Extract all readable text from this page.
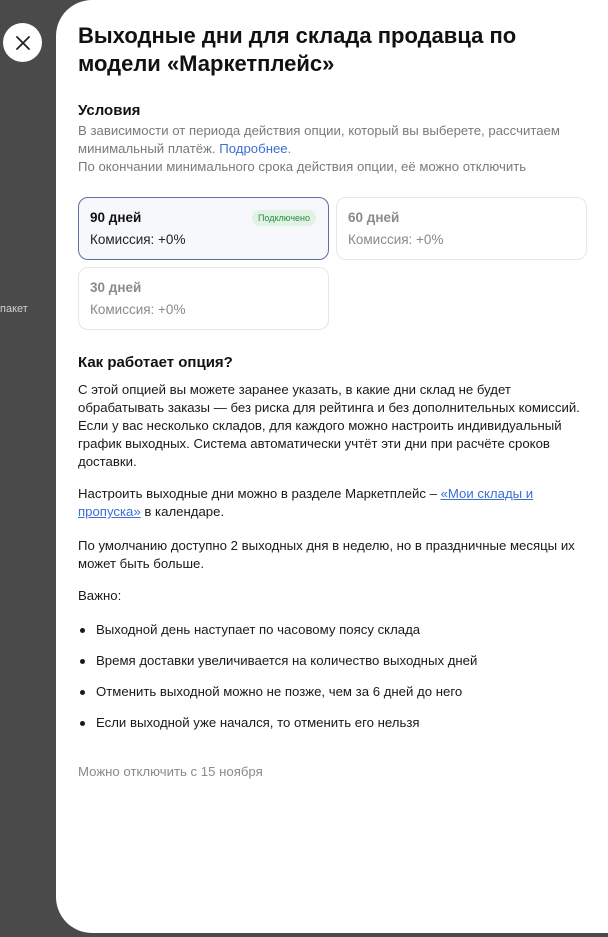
пакет
Выходные дни для склада продавца по модели «Маркетплейс»
Условия
В зависимости от периода действия опции, который вы выберете, рассчитаем минимальный платёж. Подробнее.
По окончании минимального срока действия опции, её можно отключить
90 дней
Комиссия: +0%
Подключено	60 дней
Комиссия: +0%
30 дней
Комиссия: +0%
Как работает опция?

С этой опцией вы можете заранее указать, в какие дни склад не будет обрабатывать заказы — без риска для рейтинга и без дополнительных комиссий. Если у вас несколько складов, для каждого можно настроить индивидуальный график выходных. Система автоматически учтёт эти дни при расчёте сроков доставки.

Настроить выходные дни можно в разделе Маркетплейс – «Мои склады и пропуска» в календаре.

По умолчанию доступно 2 выходных дня в неделю, но в праздничные месяцы их может быть больше.

Важно:

Выходной день наступает по часовому поясу склада
Время доставки увеличивается на количество выходных дней
Отменить выходной можно не позже, чем за 6 дней до него
Если выходной уже начался, то отменить его нельзя
Можно отключить с 15 ноября
